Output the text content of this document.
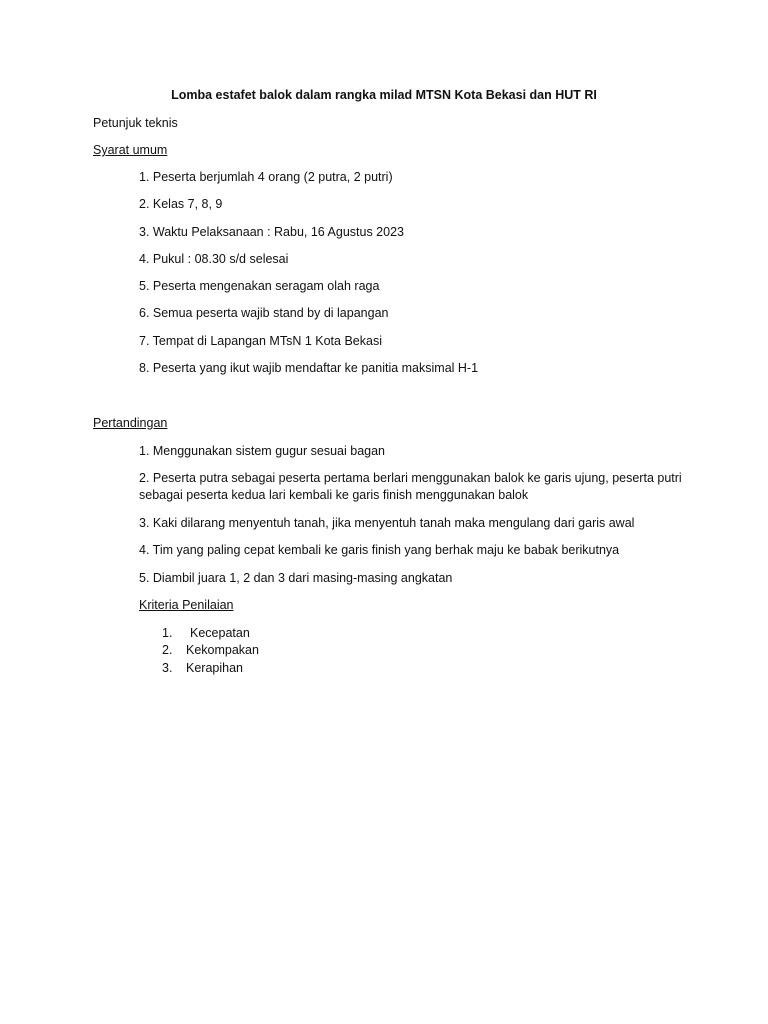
Lomba estafet balok dalam rangka milad MTSN Kota Bekasi dan HUT RI
Petunjuk teknis
Syarat umum
1. Peserta berjumlah 4 orang (2 putra, 2 putri)
2. Kelas 7, 8, 9
3. Waktu Pelaksanaan : Rabu, 16 Agustus 2023
4. Pukul : 08.30 s/d selesai
5. Peserta mengenakan seragam olah raga
6. Semua peserta wajib stand by di lapangan
7. Tempat di Lapangan MTsN 1 Kota Bekasi
8. Peserta yang ikut wajib mendaftar ke panitia maksimal H-1
Pertandingan
1. Menggunakan sistem gugur sesuai bagan
2. Peserta putra sebagai peserta pertama berlari menggunakan balok ke garis ujung, peserta putri sebagai peserta kedua lari kembali ke garis finish menggunakan balok
3. Kaki dilarang menyentuh tanah, jika menyentuh tanah maka mengulang dari garis awal
4. Tim yang paling cepat kembali ke garis finish yang berhak maju ke babak berikutnya
5. Diambil juara 1, 2 dan 3 dari masing-masing angkatan
Kriteria Penilaian
1. Kecepatan
2. Kekompakan
3. Kerapihan
